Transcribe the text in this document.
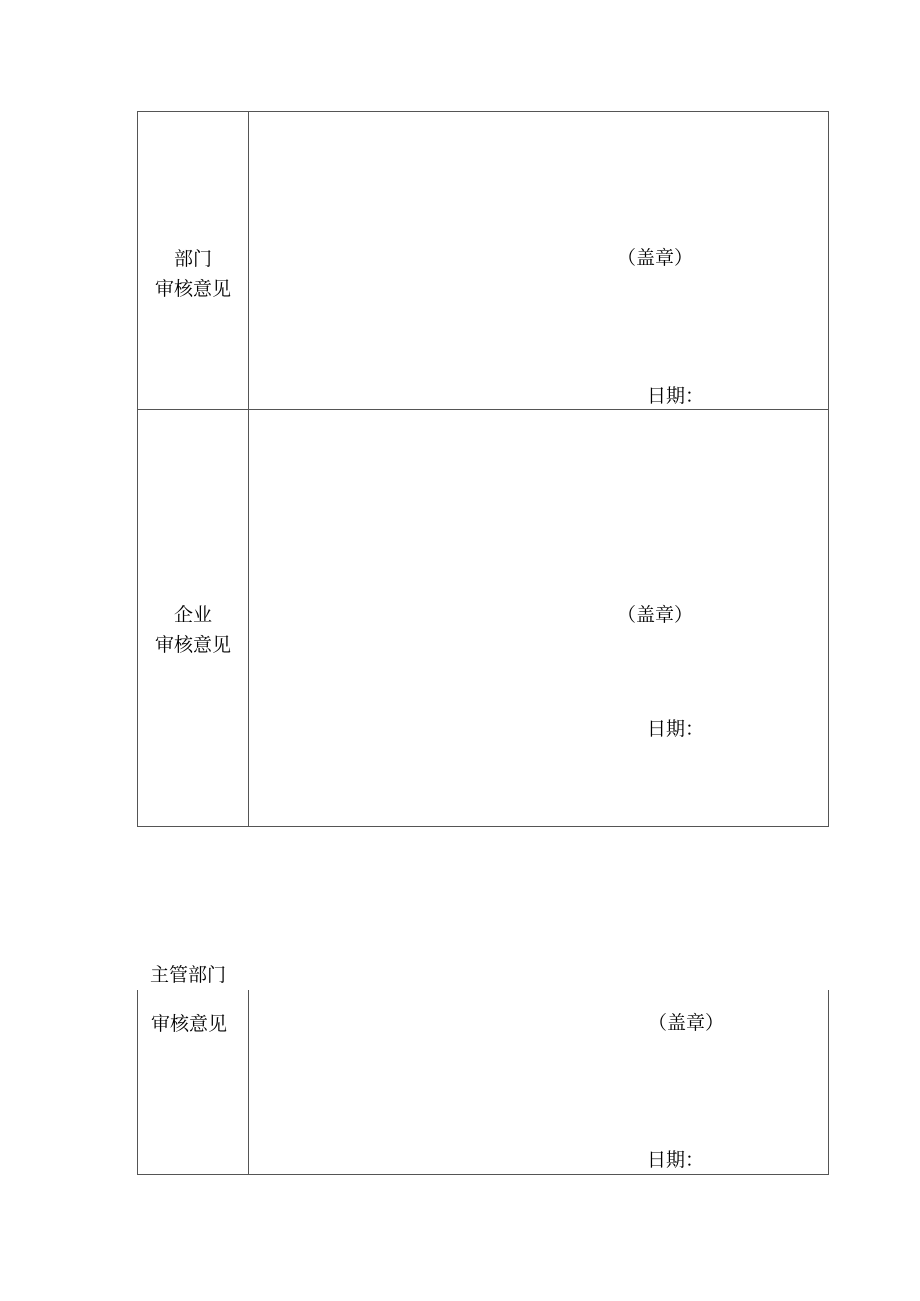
部门
审核意见
（盖章）
日期：
企业
审核意见
（盖章）
日期：
主管部门
审核意见	（盖章）
日期：
